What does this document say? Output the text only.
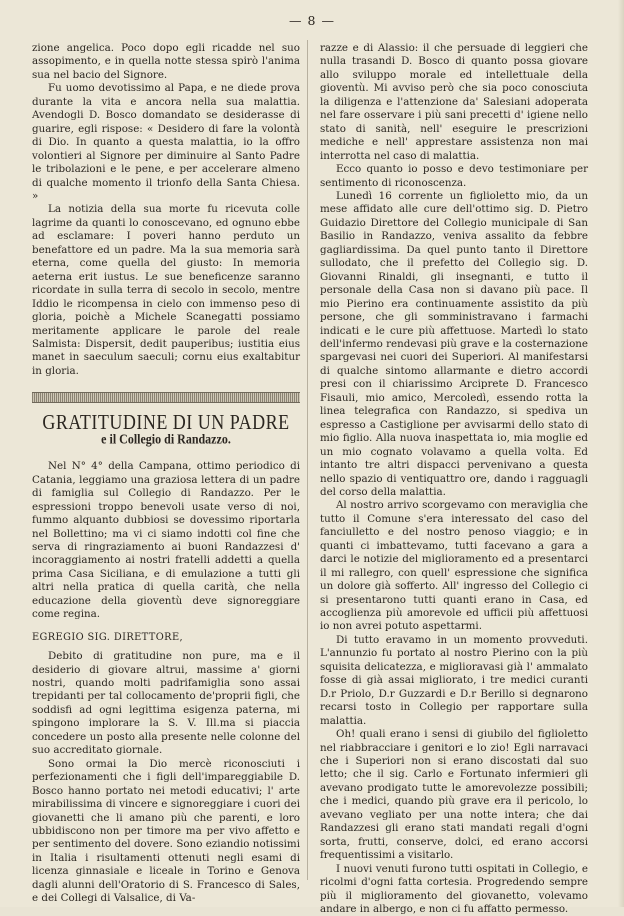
— 8 —

zione angelica. Poco dopo egli ricadde nel suo assopimento, e in quella notte stessa spirò l'anima sua nel bacio del Signore.

Fu uomo devotissimo al Papa, e ne diede prova durante la vita e ancora nella sua malattia. Avendogli D. Bosco domandato se desiderasse di guarire, egli rispose: « Desidero di fare la volontà di Dio. In quanto a questa malattia, io la offro volontieri al Signore per diminuire al Santo Padre le tribolazioni e le pene, e per accelerare almeno di qualche momento il trionfo della Santa Chiesa. »

La notizia della sua morte fu ricevuta colle lagrime da quanti lo conoscevano, ed ognuno ebbe ad esclamare: I poveri hanno perduto un benefattore ed un padre. Ma la sua memoria sarà eterna, come quella del giusto: In memoria aeterna erit iustus. Le sue beneficenze saranno ricordate in sulla terra di secolo in secolo, mentre Iddio le ricompensa in cielo con immenso peso di gloria, poichè a Michele Scanegatti possiamo meritamente applicare le parole del reale Salmista: Dispersit, dedit pauperibus; iustitia eius manet in saeculum saeculi; cornu eius exaltabitur in gloria.

GRATITUDINE DI UN PADRE
e il Collegio di Randazzo.

Nel N° 4° della Campana, ottimo periodico di Catania, leggiamo una graziosa lettera di un padre di famiglia sul Collegio di Randazzo. Per le espressioni troppo benevoli usate verso di noi, fummo alquanto dubbiosi se dovessimo riportarla nel Bollettino; ma vi ci siamo indotti col fine che serva di ringraziamento ai buoni Randazzesi d' incoraggiamento ai nostri fratelli addetti a quella prima Casa Siciliana, e di emulazione a tutti gli altri nella pratica di quella carità, che nella educazione della gioventù deve signoreggiare come regina.

EGREGIO SIG. DIRETTORE,

Debito di gratitudine non pure, ma e il desiderio di giovare altrui, massime a' giorni nostri, quando molti padrifamiglia sono assai trepidanti per tal collocamento de'proprii figli, che soddisfi ad ogni legittima esigenza paterna, mi spingono implorare la S. V. Ill.ma si piaccia concedere un posto alla presente nelle colonne del suo accreditato giornale.

Sono ormai la Dio mercè riconosciuti i perfezionamenti che i figli dell'impareggiabile D. Bosco hanno portato nei metodi educativi; l' arte mirabilissima di vincere e signoreggiare i cuori dei giovanetti che li amano più che parenti, e loro ubbidiscono non per timore ma per vivo affetto e per sentimento del dovere. Sono eziandio notissimi in Italia i risultamenti ottenuti negli esami di licenza ginnasiale e liceale in Torino e Genova dagli alunni dell'Oratorio di S. Francesco di Sales, e dei Collegi di Valsalice, di Va-

razze e di Alassio: il che persuade di leggieri che nulla trasandi D. Bosco di quanto possa giovare allo sviluppo morale ed intellettuale della gioventù. Mi avviso però che sia poco conosciuta la diligenza e l'attenzione da' Salesiani adoperata nel fare osservare i più sani precetti d' igiene nello stato di sanità, nell' eseguire le prescrizioni mediche e nell' apprestare assistenza non mai interrotta nel caso di malattia.

Ecco quanto io posso e devo testimoniare per sentimento di riconoscenza.

Lunedì 16 corrente un figlioletto mio, da un mese affidato alle cure dell'ottimo sig. D. Pietro Guidazio Direttore del Collegio municipale di San Basilio in Randazzo, veniva assalito da febbre gagliardissima. Da quel punto tanto il Direttore sullodato, che il prefetto del Collegio sig. D. Giovanni Rinaldi, gli insegnanti, e tutto il personale della Casa non si davano più pace. Il mio Pierino era continuamente assistito da più persone, che gli somministravano i farmachi indicati e le cure più affettuose. Martedì lo stato dell'infermo rendevasi più grave e la costernazione spargevasi nei cuori dei Superiori. Al manifestarsi di qualche sintomo allarmante e dietro accordi presi con il chiarissimo Arciprete D. Francesco Fisauli, mio amico, Mercoledì, essendo rotta la linea telegrafica con Randazzo, si spediva un espresso a Castiglione per avvisarmi dello stato di mio figlio. Alla nuova inaspettata io, mia moglie ed un mio cognato volavamo a quella volta. Ed intanto tre altri dispacci pervenivano a questa nello spazio di ventiquattro ore, dando i ragguagli del corso della malattia.

Al nostro arrivo scorgevamo con meraviglia che tutto il Comune s'era interessato del caso del fanciulletto e del nostro penoso viaggio; e in quanti ci imbattevamo, tutti facevano a gara a darci le notizie del miglioramento ed a presentarci il mi rallegro, con quell' espressione che significa un dolore già sofferto. All' ingresso del Collegio ci si presentarono tutti quanti erano in Casa, ed accoglienza più amorevole ed ufficii più affettuosi io non avrei potuto aspettarmi.

Di tutto eravamo in un momento provveduti. L'annunzio fu portato al nostro Pierino con la più squisita delicatezza, e miglioravasi già l' ammalato fosse di già assai migliorato, i tre medici curanti D.r Priolo, D.r Guzzardi e D.r Berillo si degnarono recarsi tosto in Collegio per rapportare sulla malattia.

Oh! quali erano i sensi di giubilo del figlioletto nel riabbracciare i genitori e lo zio! Egli narravaci che i Superiori non si erano discostati dal suo letto; che il sig. Carlo e Fortunato infermieri gli avevano prodigato tutte le amorevolezze possibili; che i medici, quando più grave era il pericolo, lo avevano vegliato per una notte intera; che dai Randazzesi gli erano stati mandati regali d'ogni sorta, frutti, conserve, dolci, ed erano accorsi frequentissimi a visitarlo.

I nuovi venuti furono tutti ospitati in Collegio, e ricolmi d'ogni fatta cortesia. Progredendo sempre più il miglioramento del giovanetto, volevamo andare in albergo, e non ci fu affatto permesso.
